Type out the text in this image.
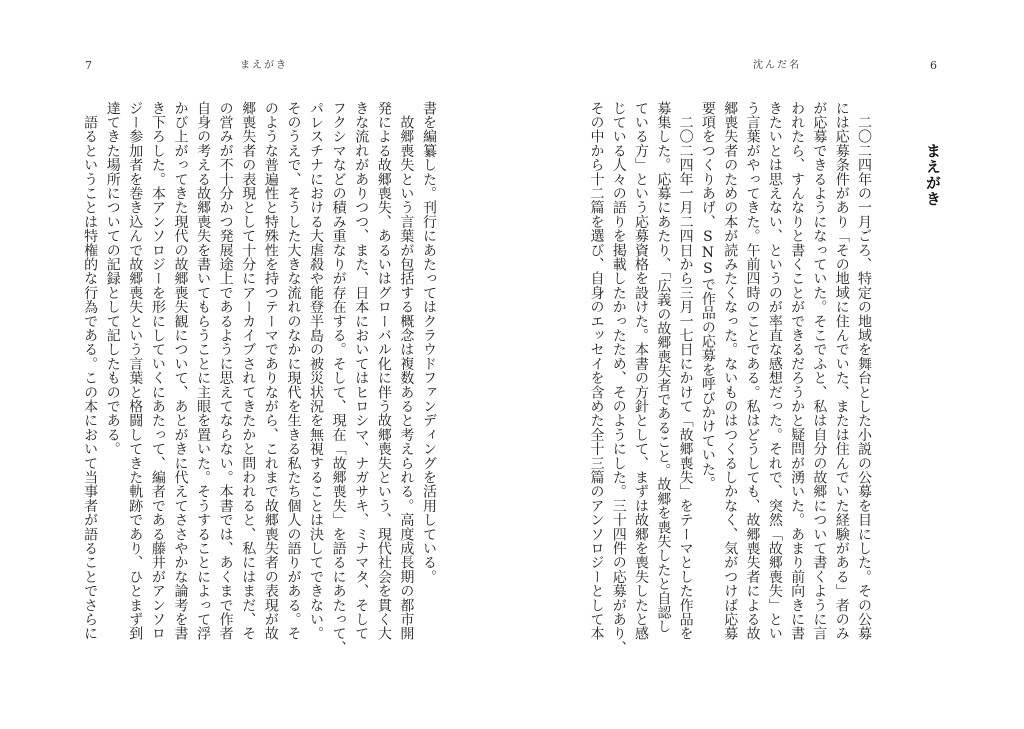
7	まえがき
書を編纂した。刊行にあたってはクラウドファンディングを活用している。
　故郷喪失という言葉が包括する概念は複数あると考えられる。高度成長期の都市開
発による故郷喪失、あるいはグローバル化に伴う故郷喪失という、現代社会を貫く大
きな流れがありつつ、また、日本においてはヒロシマ、ナガサキ、ミナマタ、そして
フクシマなどの積み重なりが存在する。そして、現在「故郷喪失」を語るにあたって、
パレスチナにおける大虐殺や能登半島の被災状況を無視することは決してできない。
そのうえで、そうした大きな流れのなかに現代を生きる私たち個人の語りがある。そ
のような普遍性と特殊性を持つテーマでありながら、これまで故郷喪失者の表現が故
郷喪失者の表現として十分にアーカイブされてきたかと問われると、私にはまだ、そ
の営みが不十分かつ発展途上であるように思えてならない。本書では、あくまで作者
自身の考える故郷喪失を書いてもらうことに主眼を置いた。そうすることによって浮
かび上がってきた現代の故郷喪失観について、あとがきに代えてささやかな論考を書
き下ろした。本アンソロジーを形にしていくにあたって、編者である藤井がアンソロ
ジー参加者を巻き込んで故郷喪失という言葉と格闘してきた軌跡であり、ひとまず到
達てきた場所についての記録として記したものである。
　語るということは特権的な行為である。この本において当事者が語ることでさらに
沈んだ名	6
まえがき
　二〇二四年の一月ごろ、特定の地域を舞台とした小説の公募を目にした。その公募
には応募条件があり「その地域に住んでいた、または住んでいた経験がある」者のみ
が応募できるようになっていた。そこでふと、私は自分の故郷について書くように言
われたら、すんなりと書くことができるだろうかと疑問が湧いた。あまり前向きに書
きたいとは思えない、というのが率直な感想だった。それで、突然「故郷喪失」とい
う言葉がやってきた。午前四時のことである。私はどうしても、故郷喪失者による故
郷喪失者のための本が読みたくなった。ないものはつくるしかなく、気がつけば応募
要項をつくりあげ、SNSで作品の応募を呼びかけていた。
　二〇二四年一月二四日から三月一七日にかけて「故郷喪失」をテーマとした作品を
募集した。応募にあたり、「広義の故郷喪失者であること。故郷を喪失したと自認し
ている方」という応募資格を設けた。本書の方針として、まずは故郷を喪失したと感
じている人々の語りを掲載したかったため、そのようにした。三十四件の応募があり、
その中から十二篇を選び、自身のエッセイを含めた全十三篇のアンソロジーとして本
